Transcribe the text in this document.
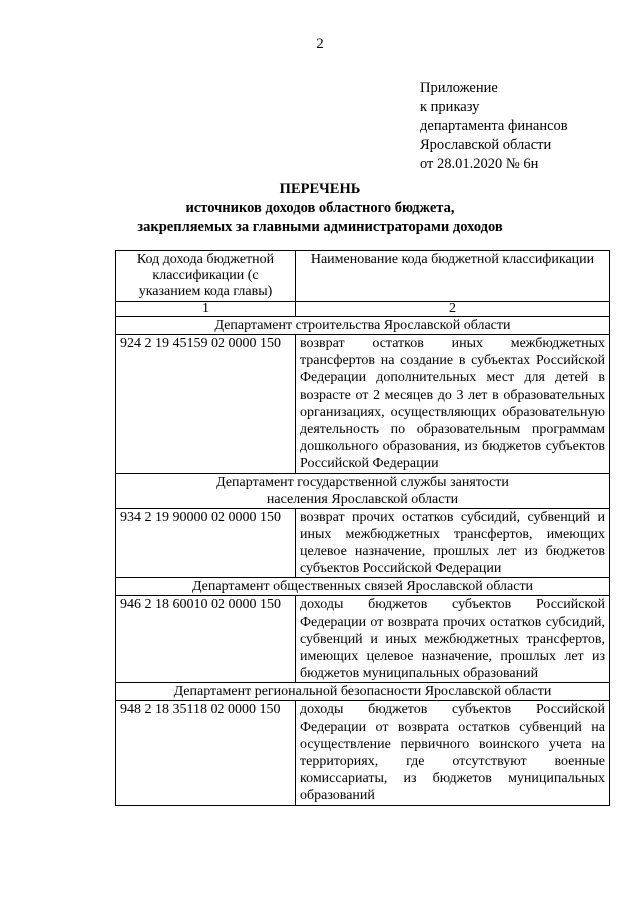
2
Приложение
к приказу
департамента финансов
Ярославской области
от 28.01.2020 № 6н
ПЕРЕЧЕНЬ
источников доходов областного бюджета,
закрепляемых за главными администраторами доходов
Код дохода бюджетной классификации (с указанием кода главы)	Наименование кода бюджетной классификации
1	2
Департамент строительства Ярославской области	
924 2 19 45159 02 0000 150	возврат остатков иных межбюджетных трансфертов на создание в субъектах Российской Федерации дополнительных мест для детей в возрасте от 2 месяцев до 3 лет в образовательных организациях, осуществляющих образовательную деятельность по образовательным программам дошкольного образования, из бюджетов субъектов Российской Федерации
Департамент государственной службы занятости населения Ярославской области	
934 2 19 90000 02 0000 150	возврат прочих остатков субсидий, субвенций и иных межбюджетных трансфертов, имеющих целевое назначение, прошлых лет из бюджетов субъектов Российской Федерации
Департамент общественных связей Ярославской области	
946 2 18 60010 02 0000 150	доходы бюджетов субъектов Российской Федерации от возврата прочих остатков субсидий, субвенций и иных межбюджетных трансфертов, имеющих целевое назначение, прошлых лет из бюджетов муниципальных образований
Департамент региональной безопасности Ярославской области	
948 2 18 35118 02 0000 150	доходы бюджетов субъектов Российской Федерации от возврата остатков субвенций на осуществление первичного воинского учета на территориях, где отсутствуют военные комиссариаты, из бюджетов муниципальных образований
